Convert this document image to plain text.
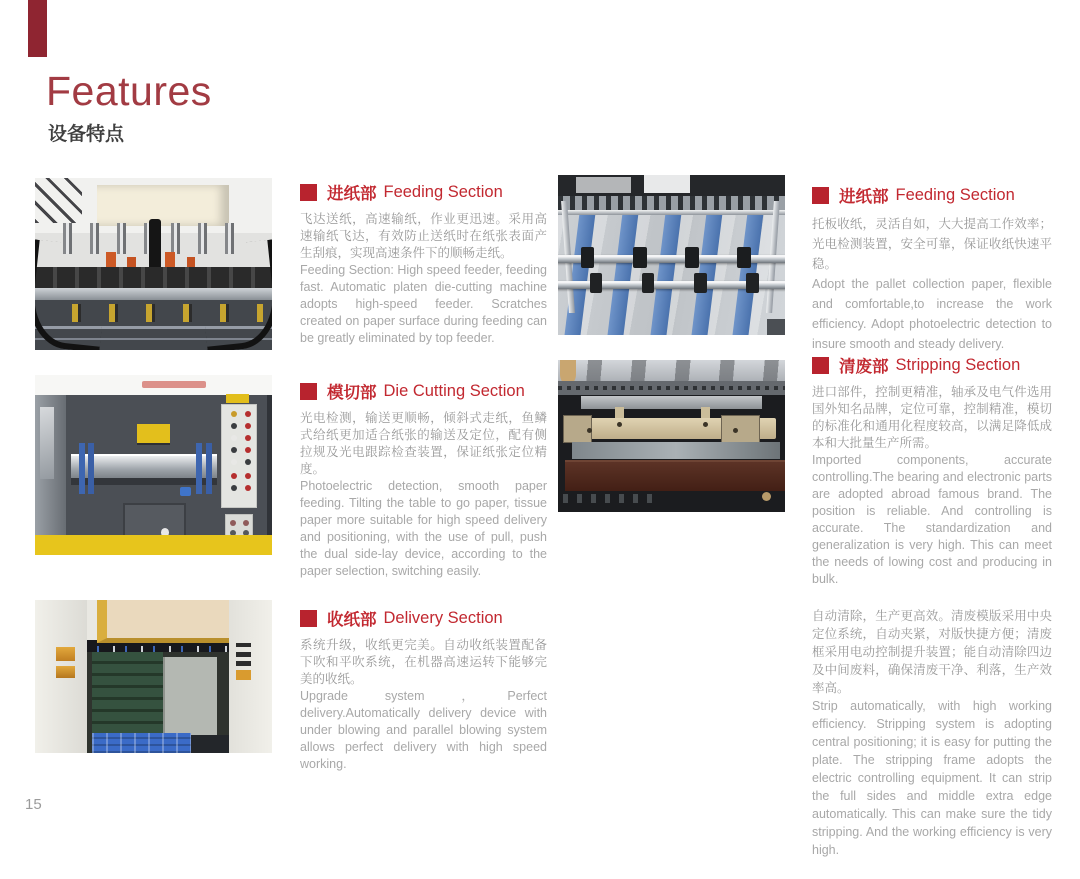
Features
设备特点
进纸部 Feeding Section

飞达送纸，高速输纸，作业更迅速。采用高速输纸飞达，有效防止送纸时在纸张表面产生刮痕，实现高速条件下的顺畅走纸。

Feeding Section: High speed feeder, feeding fast. Automatic platen die-cutting machine adopts high-speed feeder. Scratches created on paper surface during feeding can be greatly eliminated by top feeder.

模切部 Die Cutting Section

光电检测，输送更顺畅，倾斜式走纸，鱼鳞式给纸更加适合纸张的输送及定位，配有侧拉规及光电跟踪检查装置，保证纸张定位精度。

Photoelectric detection, smooth paper feeding. Tilting the table to go paper, tissue paper more suitable for high speed delivery and positioning, with the use of pull, push the dual side-lay device, according to the paper selection, switching easily.

收纸部 Delivery Section

系统升级，收纸更完美。自动收纸装置配备下吹和平吹系统，在机器高速运转下能够完美的收纸。

Upgrade system ，Perfect delivery.Automatically delivery device with under blowing and parallel blowing system allows perfect delivery with high speed working.

进纸部 Feeding Section

托板收纸，灵活自如，大大提高工作效率；光电检测装置，安全可靠，保证收纸快速平稳。

Adopt the pallet collection paper, flexible and comfortable,to increase the work efficiency. Adopt photoelectric detection to insure smooth and steady delivery.

清废部 Stripping Section

进口部件，控制更精准，轴承及电气件选用国外知名品牌，定位可靠，控制精准，模切的标准化和通用化程度较高，以满足降低成本和大批量生产所需。

Imported components, accurate controlling.The bearing and electronic parts are adopted abroad famous brand. The position is reliable. And controlling is accurate. The standardization and generalization is very high. This can meet the needs of lowing cost and producing in bulk.

自动清除，生产更高效。清废模版采用中央定位系统，自动夹紧，对版快捷方便；清废框采用电动控制提升装置；能自动清除四边及中间废料，确保清废干净、利落，生产效率高。

Strip automatically, with high working efficiency. Stripping system is adopting central positioning; it is easy for putting the plate. The stripping frame adopts the electric controlling equipment. It can strip the full sides and middle extra edge automatically. This can make sure the tidy stripping. And the working efficiency is very high.

15
